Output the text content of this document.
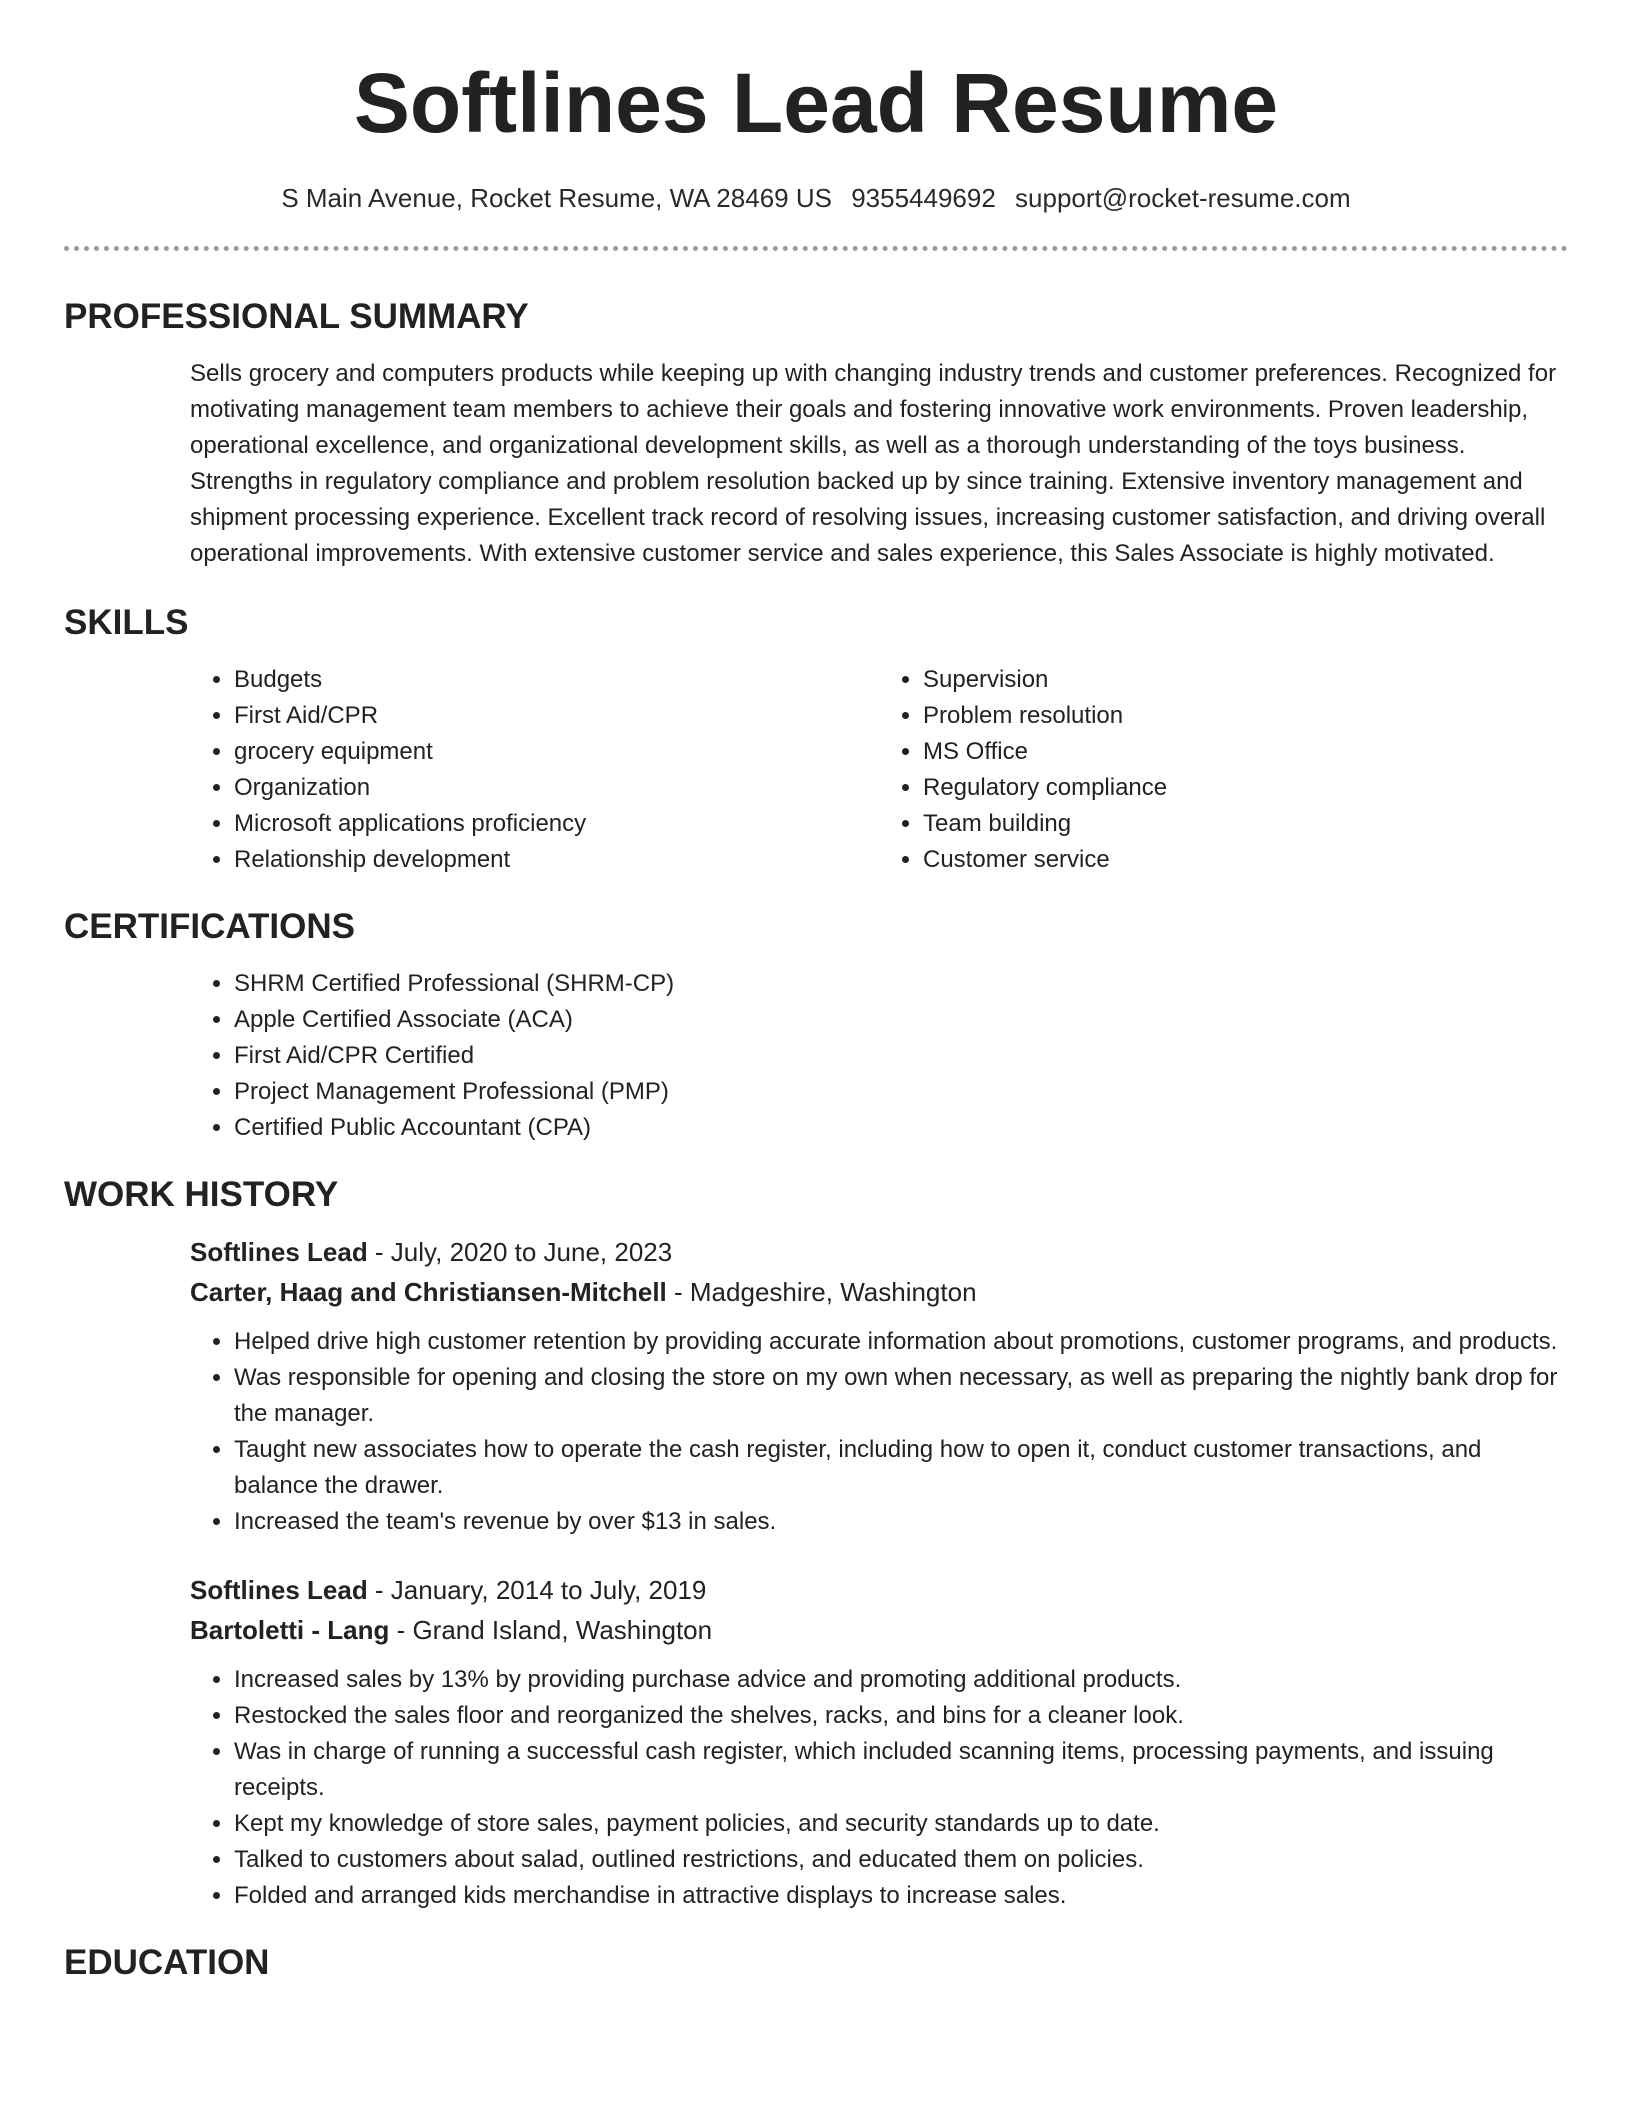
Softlines Lead Resume
S Main Avenue, Rocket Resume, WA 28469 US 9355449692 support@rocket-resume.com
PROFESSIONAL SUMMARY
Sells grocery and computers products while keeping up with changing industry trends and customer preferences. Recognized for motivating management team members to achieve their goals and fostering innovative work environments. Proven leadership, operational excellence, and organizational development skills, as well as a thorough understanding of the toys business. Strengths in regulatory compliance and problem resolution backed up by since training. Extensive inventory management and shipment processing experience. Excellent track record of resolving issues, increasing customer satisfaction, and driving overall operational improvements. With extensive customer service and sales experience, this Sales Associate is highly motivated.
SKILLS
• Budgets
• First Aid/CPR
• grocery equipment
• Organization
• Microsoft applications proficiency
• Relationship development
• Supervision
• Problem resolution
• MS Office
• Regulatory compliance
• Team building
• Customer service
CERTIFICATIONS
• SHRM Certified Professional (SHRM-CP)
• Apple Certified Associate (ACA)
• First Aid/CPR Certified
• Project Management Professional (PMP)
• Certified Public Accountant (CPA)
WORK HISTORY
Softlines Lead - July, 2020 to June, 2023
Carter, Haag and Christiansen-Mitchell - Madgeshire, Washington
• Helped drive high customer retention by providing accurate information about promotions, customer programs, and products.
• Was responsible for opening and closing the store on my own when necessary, as well as preparing the nightly bank drop for the manager.
• Taught new associates how to operate the cash register, including how to open it, conduct customer transactions, and balance the drawer.
• Increased the team's revenue by over $13 in sales.
Softlines Lead - January, 2014 to July, 2019
Bartoletti - Lang - Grand Island, Washington
• Increased sales by 13% by providing purchase advice and promoting additional products.
• Restocked the sales floor and reorganized the shelves, racks, and bins for a cleaner look.
• Was in charge of running a successful cash register, which included scanning items, processing payments, and issuing receipts.
• Kept my knowledge of store sales, payment policies, and security standards up to date.
• Talked to customers about salad, outlined restrictions, and educated them on policies.
• Folded and arranged kids merchandise in attractive displays to increase sales.
EDUCATION
